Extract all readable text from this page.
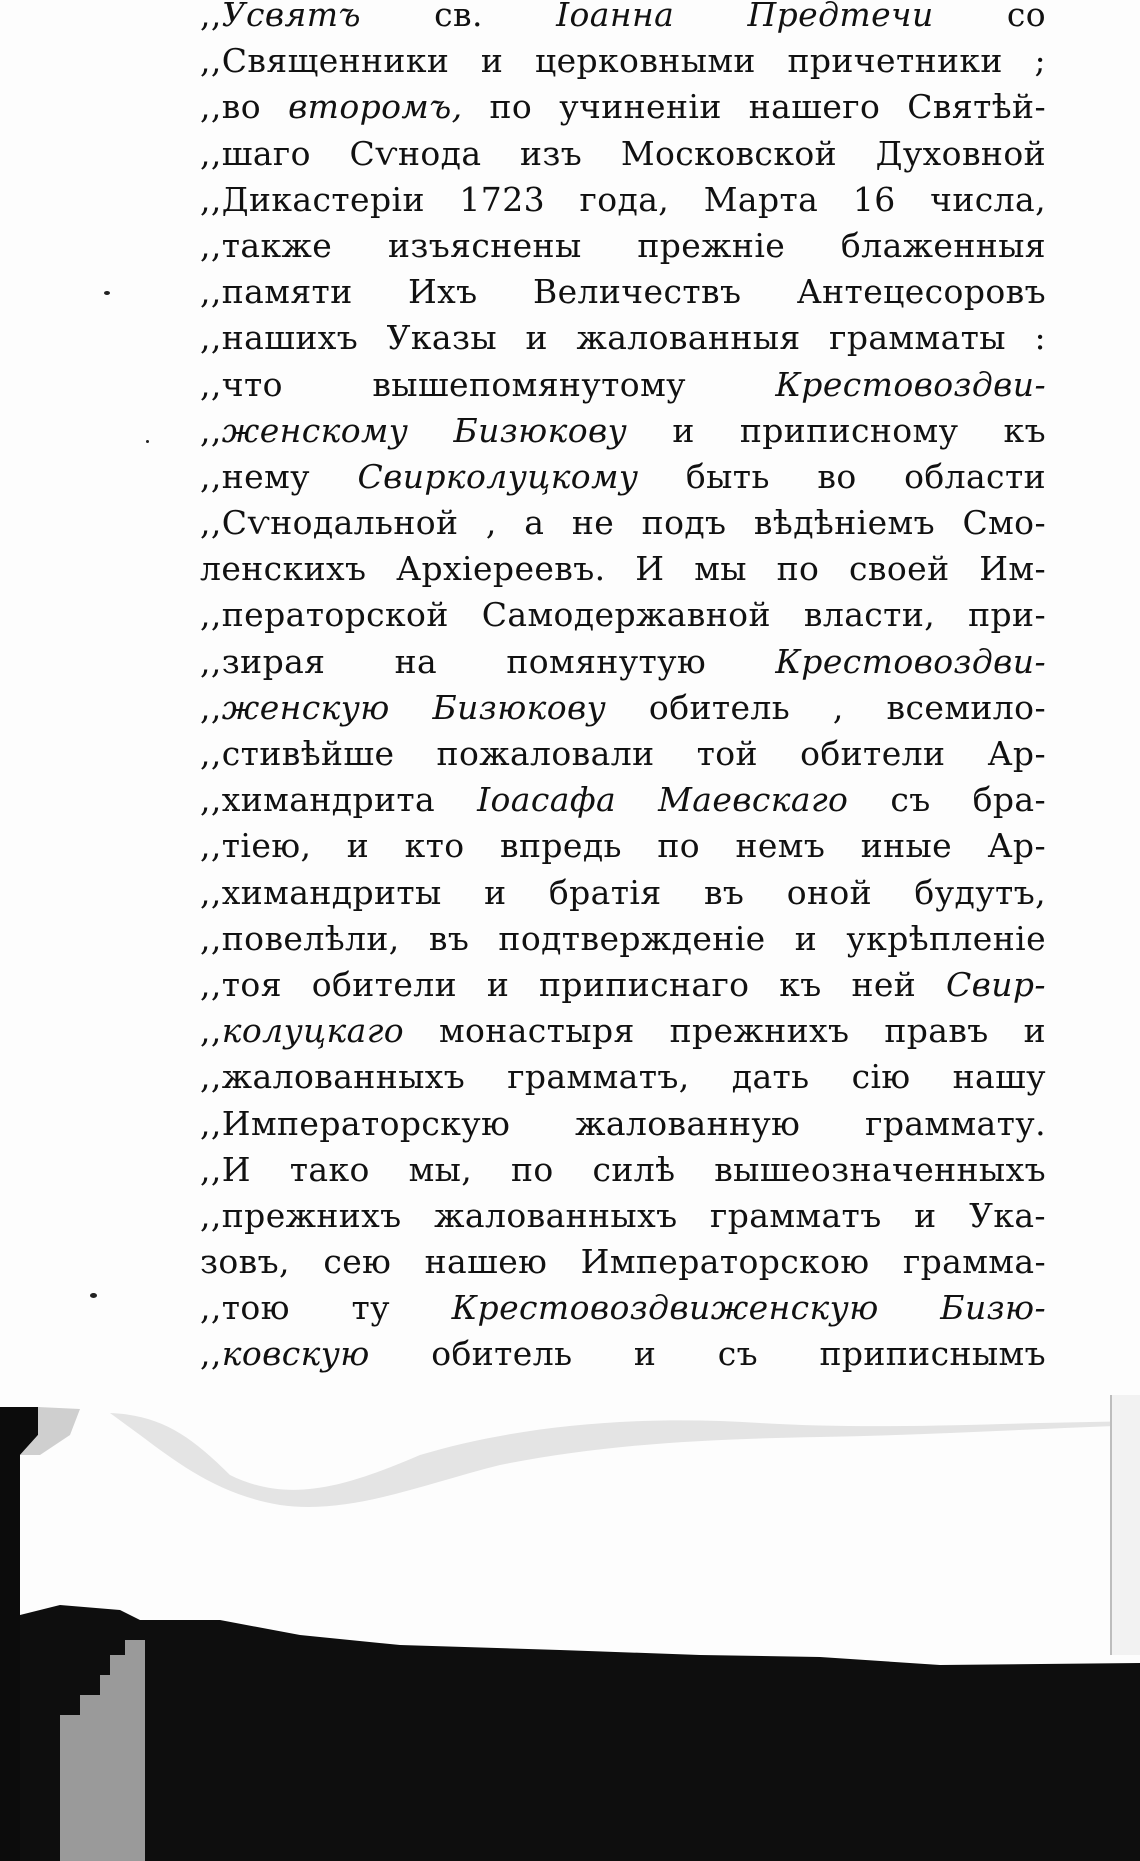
,,Усвятъ св. Іоанна Предтечи со
,,Священники и церковными причетники ;
,,во второмъ, по учиненіи нашего Святѣй-
,,шаго Сѵнода изъ Московской Духовной
,,Дикастеріи 1723 года, Марта 16 числа,
,,также изъяснены прежніе блаженныя
,,памяти Ихъ Величествъ Антецесоровъ
,,нашихъ Указы и жалованныя грамматы :
,,что вышепомянутому Крестовоздви-
,,женскому Бизюкову и приписному къ
,,нему Свирколуцкому быть во области
,,Сѵнодальной , а не подъ вѣдѣніемъ Смо-
ленскихъ Архіереевъ. И мы по своей Им-
,,ператорской Самодержавной власти, при-
,,зирая на помянутую Крестовоздви-
,,женскую Бизюкову обитель , всемило-
,,стивѣйше пожаловали той обители Ар-
,,химандрита Іоасафа Маевскаго съ бра-
,,тіею, и кто впредь по немъ иные Ар-
,,химандриты и братія въ оной будутъ,
,,повелѣли, въ подтвержденіе и укрѣпленіе
,,тоя обители и приписнаго къ ней Свир-
,,колуцкаго монастыря прежнихъ правъ и
,,жалованныхъ грамматъ, дать сію нашу
,,Императорскую жалованную граммату.
,,И тако мы, по силѣ вышеозначенныхъ
,,прежнихъ жалованныхъ грамматъ и Ука-
зовъ, сею нашею Императорскою грамма-
,,тою ту Крестовоздвиженскую Бизю-
,,ковскую обитель и съ приписнымъ
